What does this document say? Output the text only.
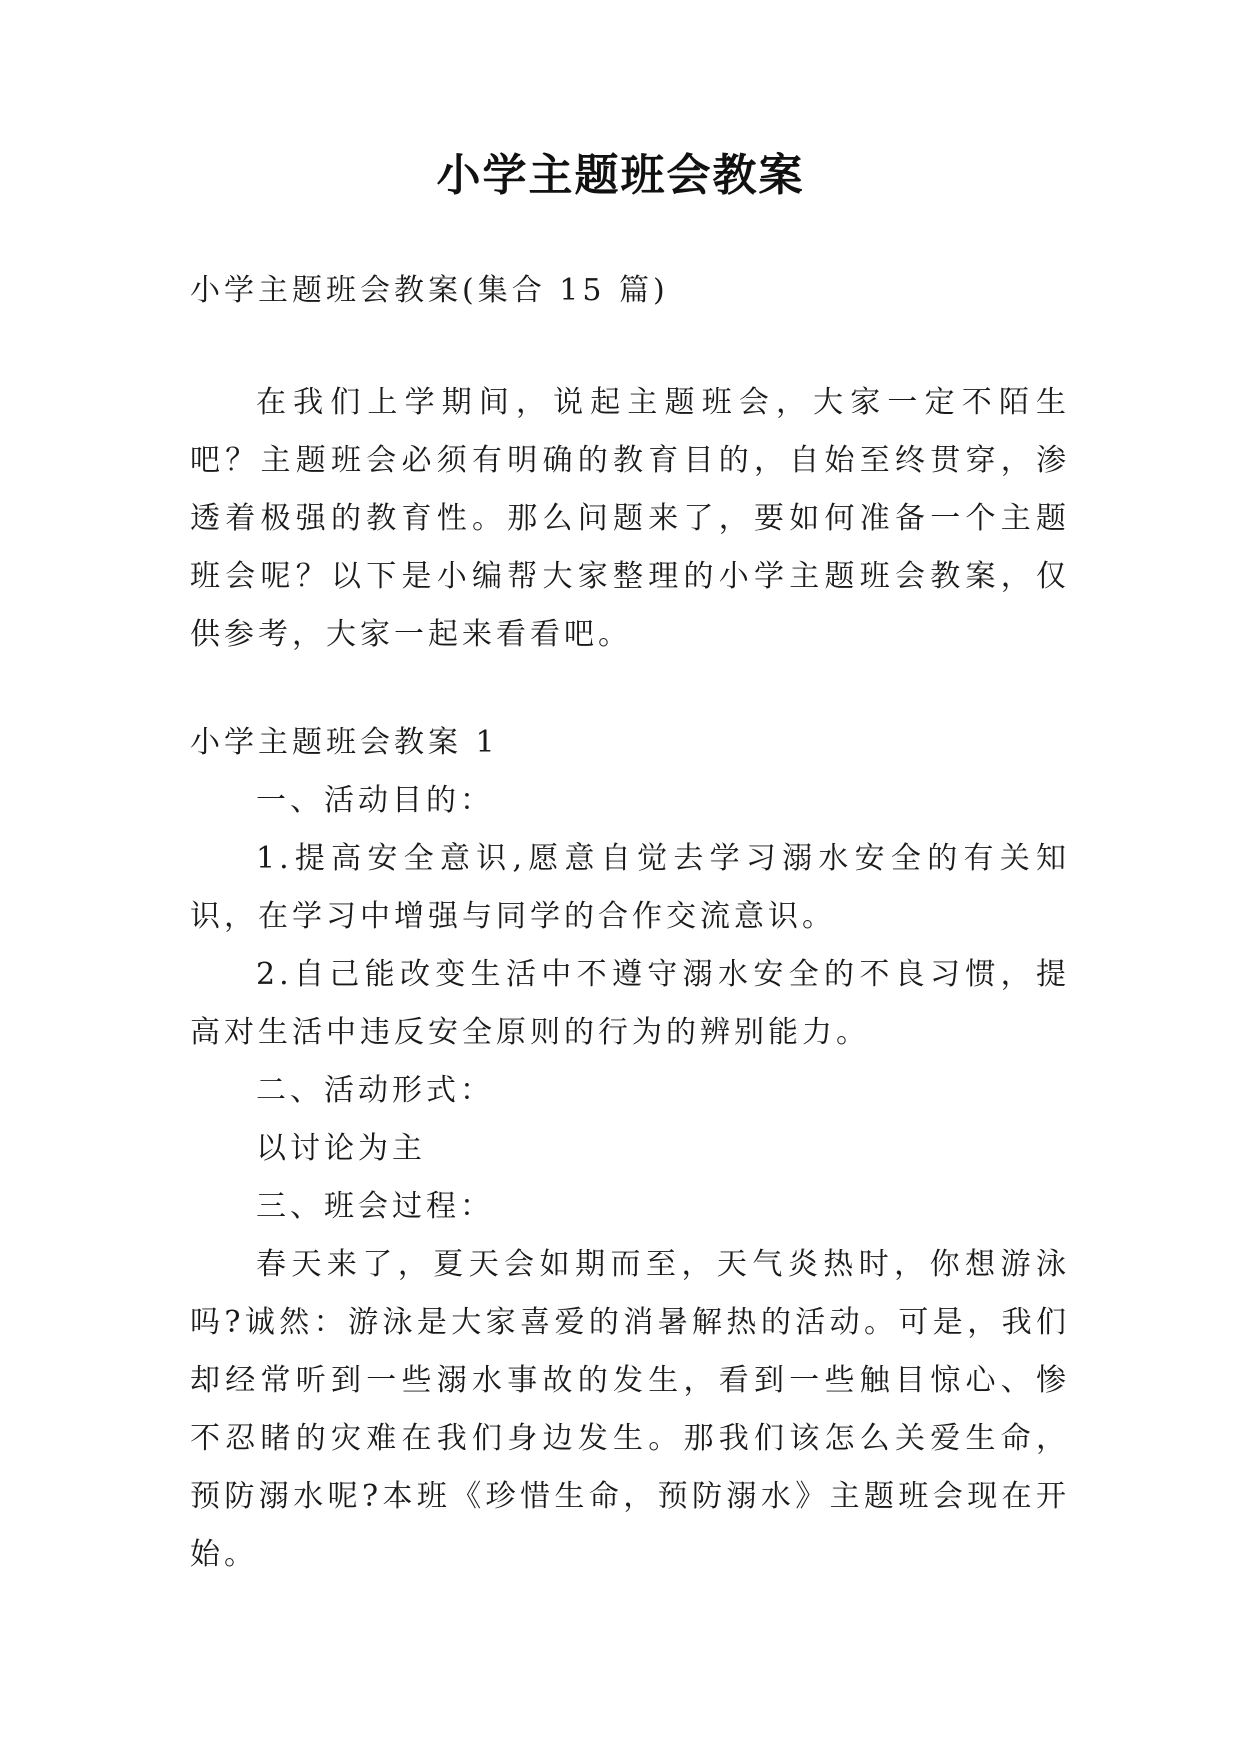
小学主题班会教案

小学主题班会教案(集合 15 篇)

在我们上学期间，说起主题班会，大家一定不陌生吧？主题班会必须有明确的教育目的，自始至终贯穿，渗透着极强的教育性。那么问题来了，要如何准备一个主题班会呢？以下是小编帮大家整理的小学主题班会教案，仅供参考，大家一起来看看吧。

小学主题班会教案 1

一、活动目的：

1.提高安全意识,愿意自觉去学习溺水安全的有关知识，在学习中增强与同学的合作交流意识。

2.自己能改变生活中不遵守溺水安全的不良习惯，提高对生活中违反安全原则的行为的辨别能力。

二、活动形式：

以讨论为主

三、班会过程：

春天来了，夏天会如期而至，天气炎热时，你想游泳吗?诚然：游泳是大家喜爱的消暑解热的活动。可是，我们却经常听到一些溺水事故的发生，看到一些触目惊心、惨不忍睹的灾难在我们身边发生。那我们该怎么关爱生命，预防溺水呢?本班《珍惜生命，预防溺水》主题班会现在开始。
